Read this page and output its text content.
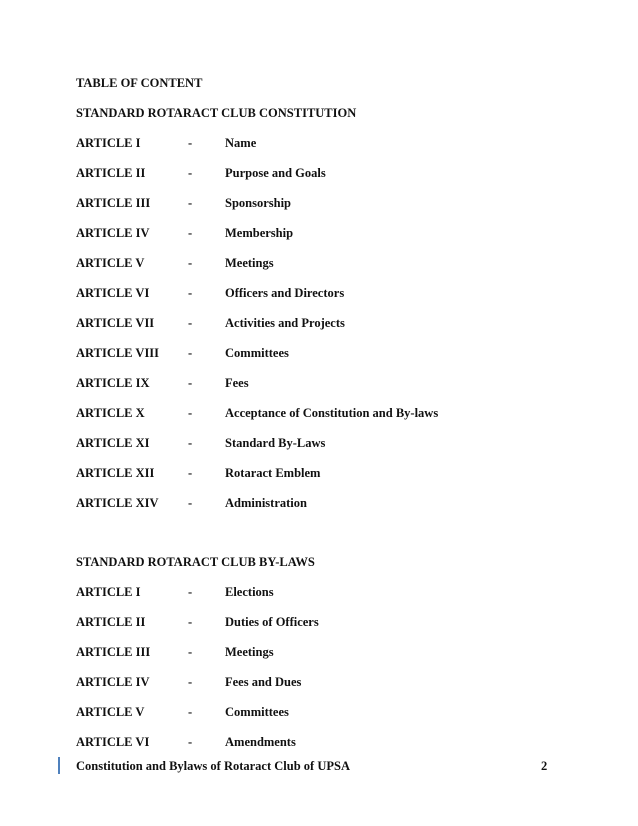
TABLE OF CONTENT
STANDARD ROTARACT CLUB CONSTITUTION
ARTICLE I	-	Name
ARTICLE II	-	Purpose and Goals
ARTICLE III	-	Sponsorship
ARTICLE IV	-	Membership
ARTICLE V	-	Meetings
ARTICLE VI	-	Officers and Directors
ARTICLE VII	-	Activities and Projects
ARTICLE VIII -	Committees
ARTICLE IX	-	Fees
ARTICLE X	-	Acceptance of Constitution and By-laws
ARTICLE XI	-	Standard By-Laws
ARTICLE XII	-	Rotaract Emblem
ARTICLE XIV -	Administration
STANDARD ROTARACT CLUB BY-LAWS
ARTICLE I	-	Elections
ARTICLE II	-	Duties of Officers
ARTICLE III	-	Meetings
ARTICLE IV	-	Fees and Dues
ARTICLE V	-	Committees
ARTICLE VI	-	Amendments
Constitution and Bylaws of Rotaract Club of UPSA	2
